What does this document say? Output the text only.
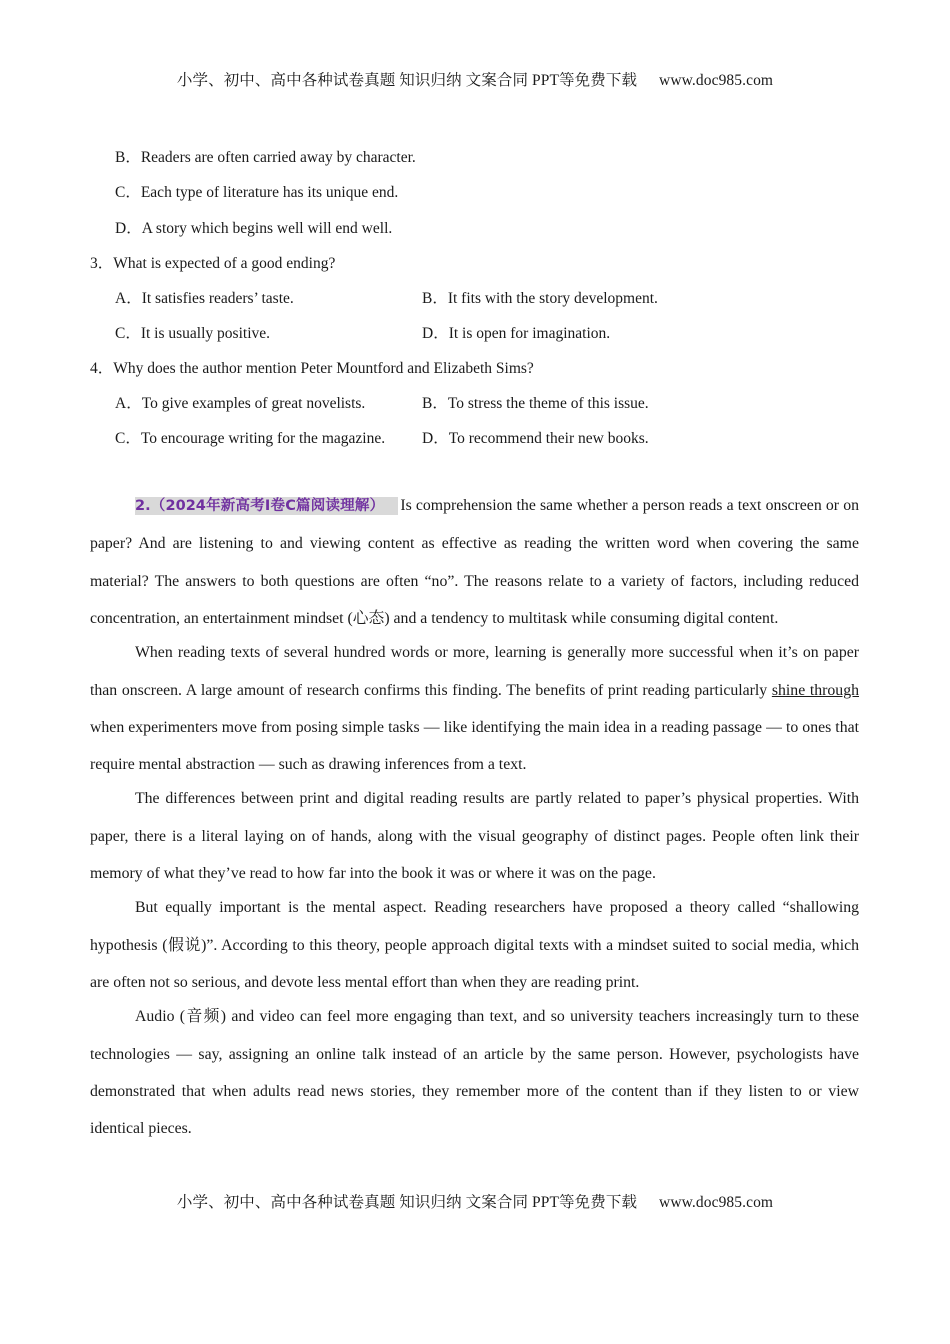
小学、初中、高中各种试卷真题 知识归纳 文案合同 PPT等免费下载 www.doc985.com
B．Readers are often carried away by character.
C．Each type of literature has its unique end.
D．A story which begins well will end well.
3．What is expected of a good ending?
A．It satisfies readers’ taste.	B．It fits with the story development.
C．It is usually positive.	D．It is open for imagination.
4．Why does the author mention Peter Mountford and Elizabeth Sims?
A．To give examples of great novelists.	B．To stress the theme of this issue.
C．To encourage writing for the magazine. D．To recommend their new books.

2.（2024年新高考I卷C篇阅读理解） Is comprehension the same whether a person reads a text onscreen or on paper? And are listening to and viewing content as effective as reading the written word when covering the same material? The answers to both questions are often “no”. The reasons relate to a variety of factors, including reduced concentration, an entertainment mindset (心态) and a tendency to multitask while consuming digital content.

When reading texts of several hundred words or more, learning is generally more successful when it’s on paper than onscreen. A large amount of research confirms this finding. The benefits of print reading particularly shine through when experimenters move from posing simple tasks — like identifying the main idea in a reading passage — to ones that require mental abstraction — such as drawing inferences from a text.

The differences between print and digital reading results are partly related to paper’s physical properties. With paper, there is a literal laying on of hands, along with the visual geography of distinct pages. People often link their memory of what they’ve read to how far into the book it was or where it was on the page.

But equally important is the mental aspect. Reading researchers have proposed a theory called “shallowing hypothesis (假说)”. According to this theory, people approach digital texts with a mindset suited to social media, which are often not so serious, and devote less mental effort than when they are reading print.

Audio (音频) and video can feel more engaging than text, and so university teachers increasingly turn to these technologies — say, assigning an online talk instead of an article by the same person. However, psychologists have demonstrated that when adults read news stories, they remember more of the content than if they listen to or view identical pieces.

小学、初中、高中各种试卷真题 知识归纳 文案合同 PPT等免费下载 www.doc985.com
